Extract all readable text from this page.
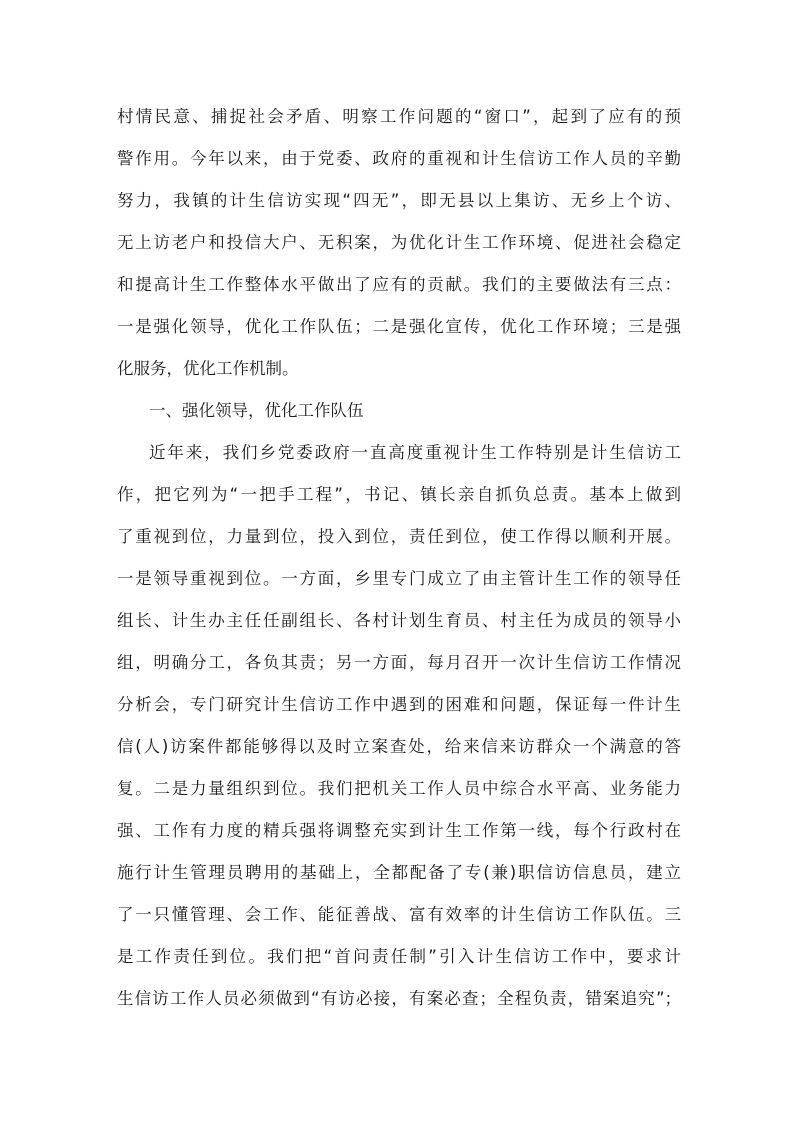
村情民意、捕捉社会矛盾、明察工作问题的“窗口”，起到了应有的预
警作用。今年以来，由于党委、政府的重视和计生信访工作人员的辛勤
努力，我镇的计生信访实现“四无”，即无县以上集访、无乡上个访、
无上访老户和投信大户、无积案，为优化计生工作环境、促进社会稳定
和提高计生工作整体水平做出了应有的贡献。我们的主要做法有三点：
一是强化领导，优化工作队伍；二是强化宣传，优化工作环境；三是强
化服务，优化工作机制。
一、强化领导，优化工作队伍
近年来，我们乡党委政府一直高度重视计生工作特别是计生信访工
作，把它列为“一把手工程”，书记、镇长亲自抓负总责。基本上做到
了重视到位，力量到位，投入到位，责任到位，使工作得以顺利开展。
一是领导重视到位。一方面，乡里专门成立了由主管计生工作的领导任
组长、计生办主任任副组长、各村计划生育员、村主任为成员的领导小
组，明确分工，各负其责；另一方面，每月召开一次计生信访工作情况
分析会，专门研究计生信访工作中遇到的困难和问题，保证每一件计生
信(人)访案件都能够得以及时立案查处，给来信来访群众一个满意的答
复。二是力量组织到位。我们把机关工作人员中综合水平高、业务能力
强、工作有力度的精兵强将调整充实到计生工作第一线，每个行政村在
施行计生管理员聘用的基础上，全都配备了专(兼)职信访信息员，建立
了一只懂管理、会工作、能征善战、富有效率的计生信访工作队伍。三
是工作责任到位。我们把“首问责任制”引入计生信访工作中，要求计
生信访工作人员必须做到“有访必接，有案必查；全程负责，错案追究”；
